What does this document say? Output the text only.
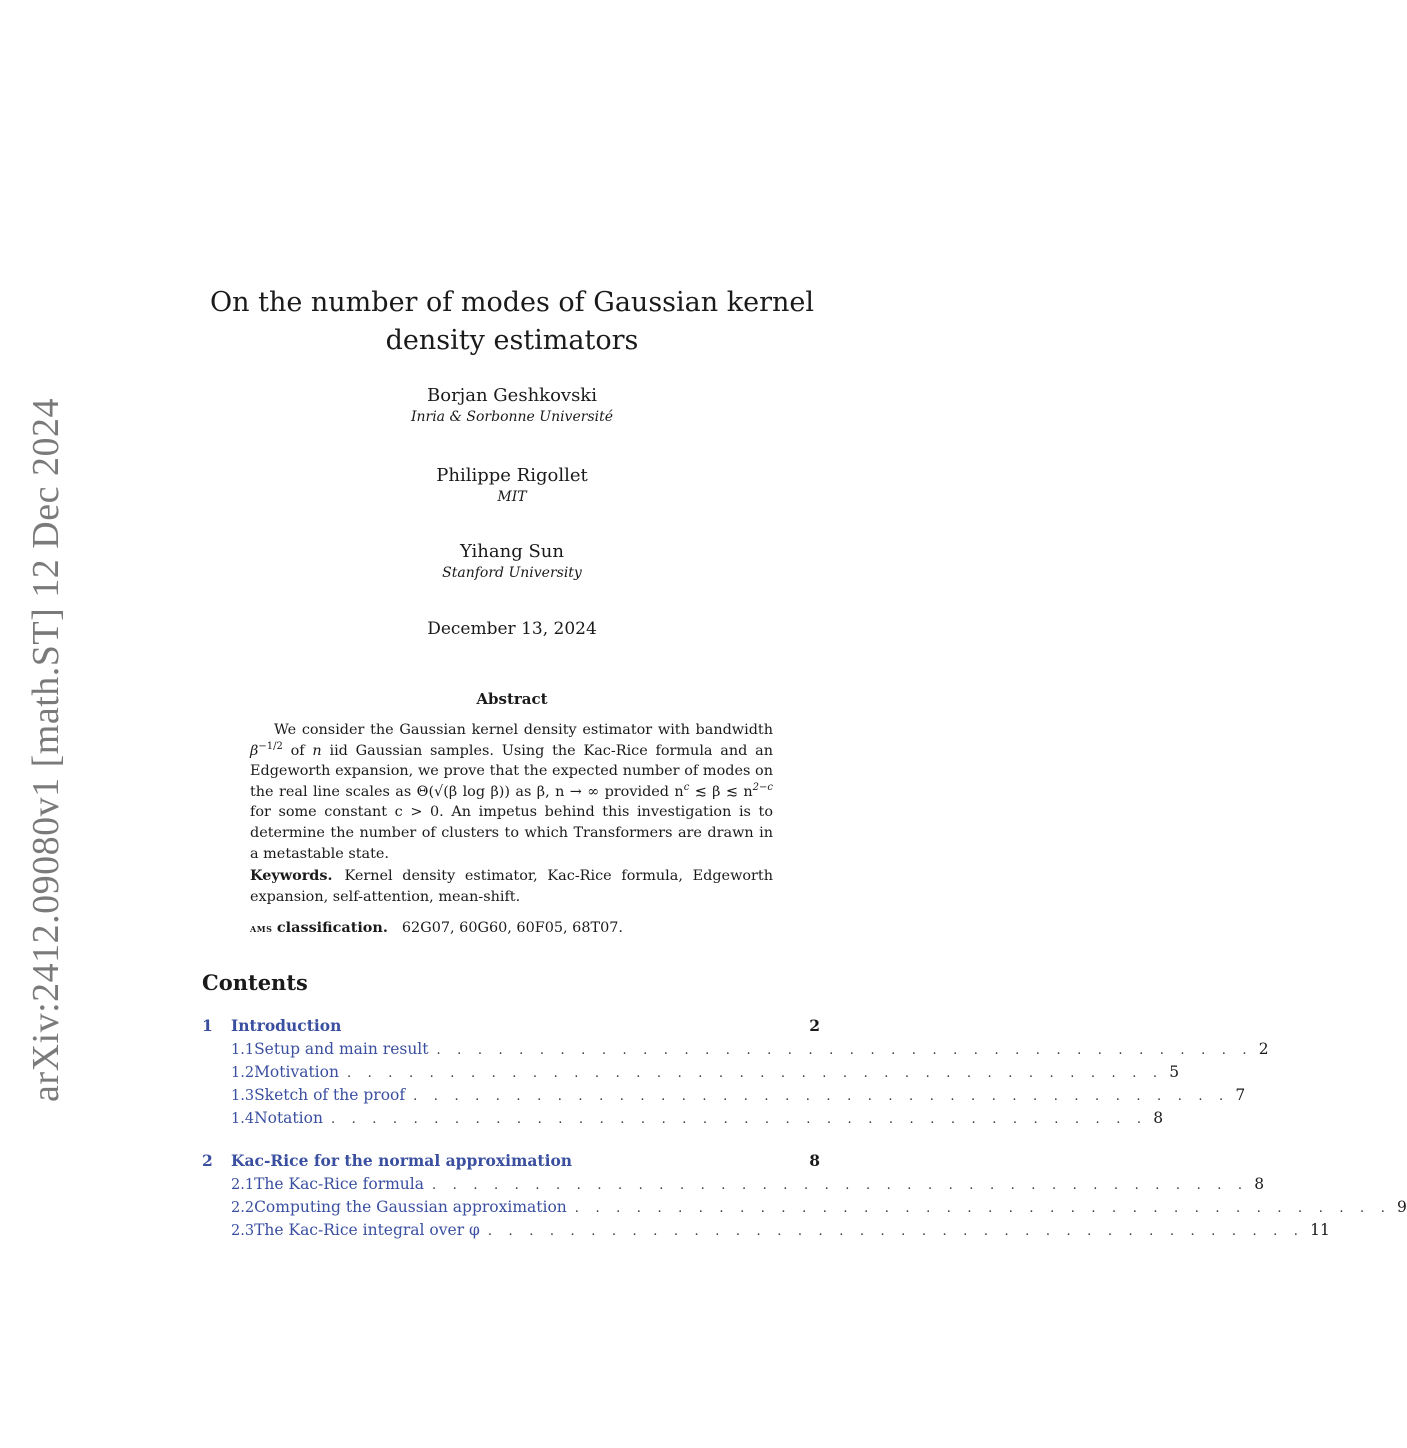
arXiv:2412.09080v1 [math.ST] 12 Dec 2024
On the number of modes of Gaussian kernel
density estimators
Borjan Geshkovski
Inria & Sorbonne Université
Philippe Rigollet
MIT
Yihang Sun
Stanford University
December 13, 2024
Abstract
We consider the Gaussian kernel density estimator with bandwidth $\beta^{-1/2}$ of n iid Gaussian samples. Using the Kac-Rice formula and an Edgeworth expansion, we prove that the expected number of modes on the real line scales as Θ(√(β log β)) as β, n → ∞ provided $n^c$ ≲ β ≲ $n^{2-c}$ for some constant c > 0. An impetus behind this investigation is to determine the number of clusters to which Transformers are drawn in a metastable state.
Keywords. Kernel density estimator, Kac-Rice formula, Edgeworth expansion, self-attention, mean-shift.
ams classification. 62G07, 60G60, 60F05, 68T07.
Contents
1	Introduction	2
1.1 Setup and main result . . . . . . . . . . . . . . . . . . . . . . . . . . . . . . . . . . . . . . . . 2
1.2 Motivation . . . . . . . . . . . . . . . . . . . . . . . . . . . . . . . . . . . . . . . . 5
1.3 Sketch of the proof . . . . . . . . . . . . . . . . . . . . . . . . . . . . . . . . . . . . . . . . 7
1.4 Notation . . . . . . . . . . . . . . . . . . . . . . . . . . . . . . . . . . . . . . . . 8
2	Kac-Rice for the normal approximation	8
2.1 The Kac-Rice formula . . . . . . . . . . . . . . . . . . . . . . . . . . . . . . . . . . . . . . . . 8
2.2 Computing the Gaussian approximation . . . . . . . . . . . . . . . . . . . . . . . . . . . . . . . . . . . . . . . . 9
2.3 The Kac-Rice integral over φ . . . . . . . . . . . . . . . . . . . . . . . . . . . . . . . . . . . . . . . . 11
